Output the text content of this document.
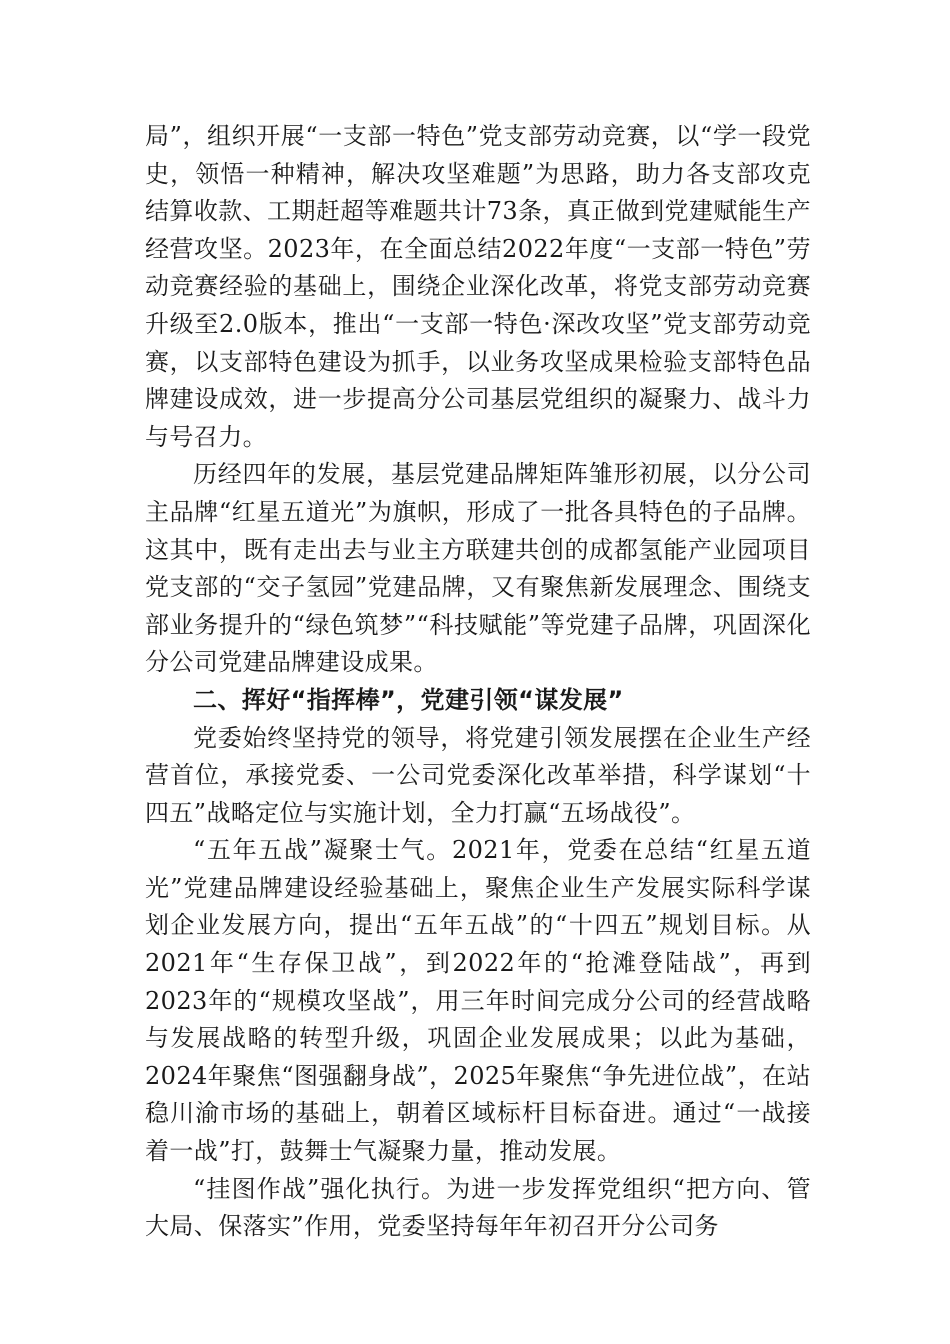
局”，组织开展“一支部一特色”党支部劳动竞赛，以“学一段党史，领悟一种精神，解决攻坚难题”为思路，助力各支部攻克结算收款、工期赶超等难题共计73条，真正做到党建赋能生产经营攻坚。2023年，在全面总结2022年度“一支部一特色”劳动竞赛经验的基础上，围绕企业深化改革，将党支部劳动竞赛升级至2.0版本，推出“一支部一特色·深改攻坚”党支部劳动竞赛，以支部特色建设为抓手，以业务攻坚成果检验支部特色品牌建设成效，进一步提高分公司基层党组织的凝聚力、战斗力与号召力。

历经四年的发展，基层党建品牌矩阵雏形初展，以分公司主品牌“红星五道光”为旗帜，形成了一批各具特色的子品牌。这其中，既有走出去与业主方联建共创的成都氢能产业园项目党支部的“交子氢园”党建品牌，又有聚焦新发展理念、围绕支部业务提升的“绿色筑梦”“科技赋能”等党建子品牌，巩固深化分公司党建品牌建设成果。

二、挥好“指挥棒”，党建引领“谋发展”

党委始终坚持党的领导，将党建引领发展摆在企业生产经营首位，承接党委、一公司党委深化改革举措，科学谋划“十四五”战略定位与实施计划，全力打赢“五场战役”。

“五年五战”凝聚士气。2021年，党委在总结“红星五道光”党建品牌建设经验基础上，聚焦企业生产发展实际科学谋划企业发展方向，提出“五年五战”的“十四五”规划目标。从2021年“生存保卫战”，到2022年的“抢滩登陆战”，再到2023年的“规模攻坚战”，用三年时间完成分公司的经营战略与发展战略的转型升级，巩固企业发展成果；以此为基础，2024年聚焦“图强翻身战”，2025年聚焦“争先进位战”，在站稳川渝市场的基础上，朝着区域标杆目标奋进。通过“一战接着一战”打，鼓舞士气凝聚力量，推动发展。

“挂图作战”强化执行。为进一步发挥党组织“把方向、管大局、保落实”作用，党委坚持每年年初召开分公司务
